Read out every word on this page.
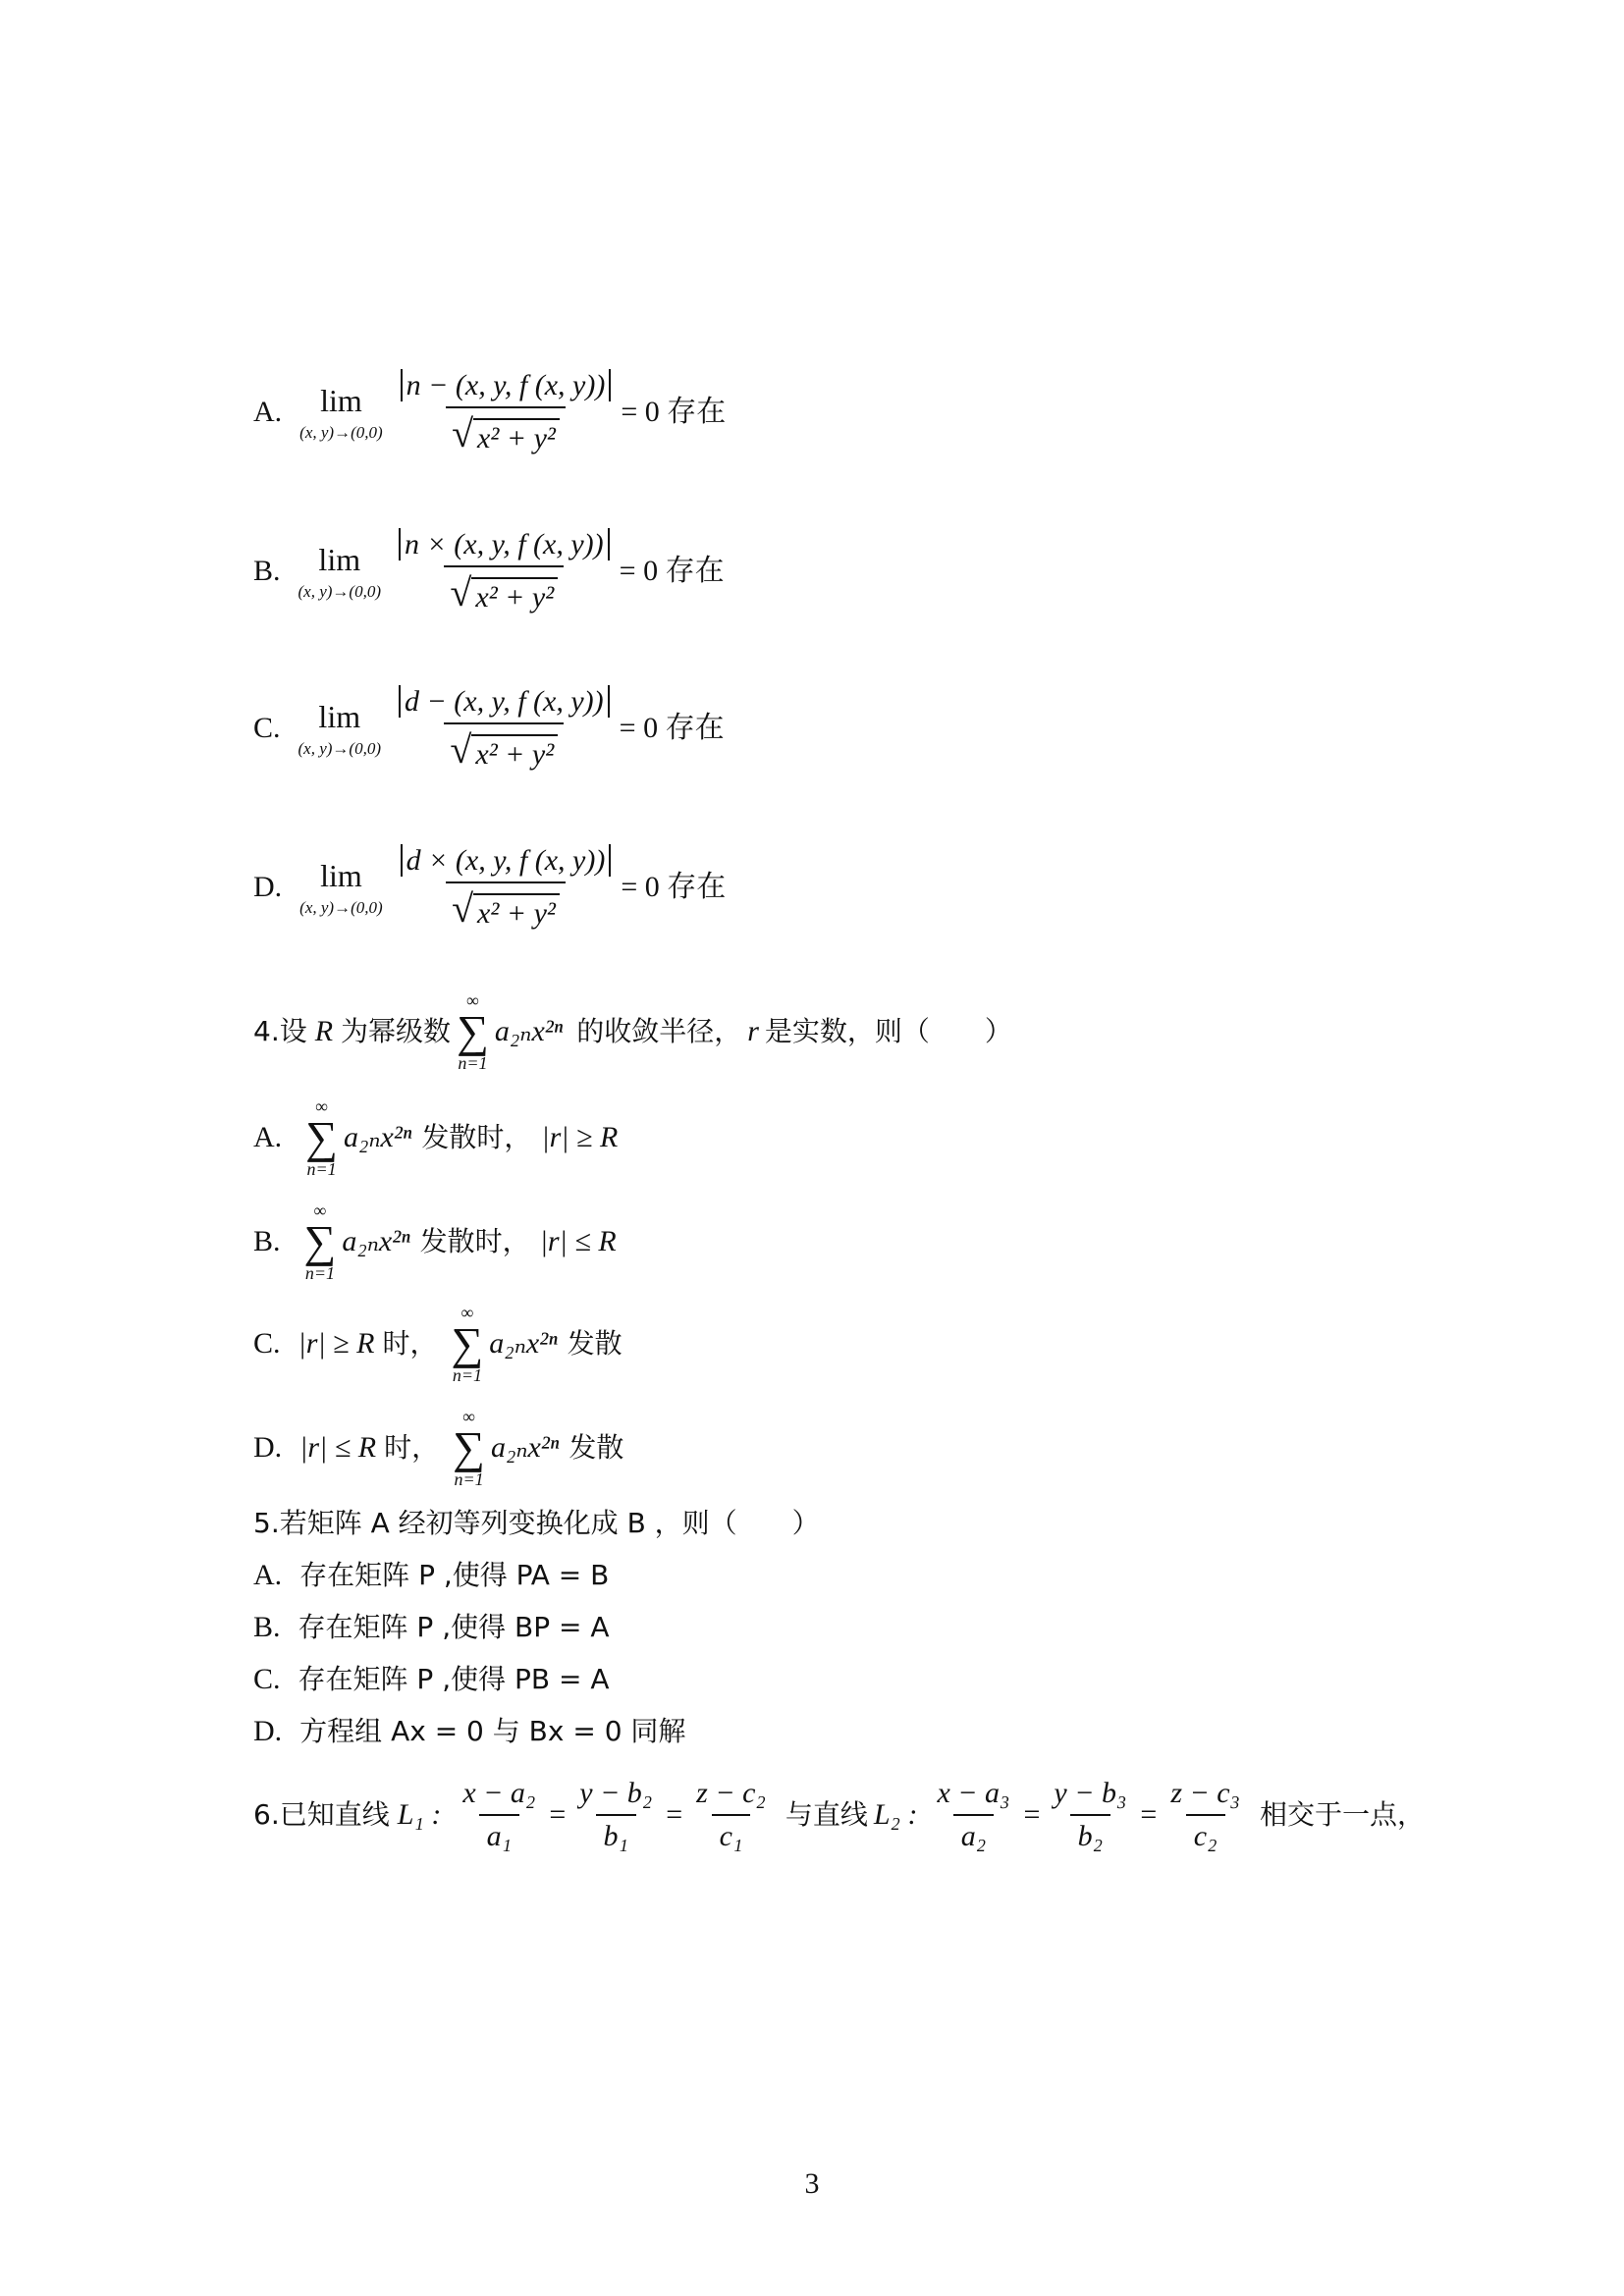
A. lim
(x, $y)\to(0,0) \frac{n - (x, y, f (x, y))}{\text{√ x² + y²}} = 0$ 存在
B. lim
(x, $y)\to(0,0) \frac{n \times (x, y, f (x, y))}{\text{√ x² + y²}} = 0$ 存在
C. lim
(x, $y)\to(0,0) \frac{d - (x, y, f (x, y))}{\text{√ x² + y²}} = 0$ 存在
D. lim
(x, $y)\to(0,0) \frac{d \times (x, y, f (x, y))}{\text{√ x² + y²}} = 0$ 存在
4.设 R 为幂级数
∞
∑
n=1
a₂ₙx²ⁿ 的收敛半径， r 是实数，则（　　）
A.
∞
∑
n=1
a₂ₙx²ⁿ 发散时， |r| ≥ R
B.
∞
∑
n=1
a₂ₙx²ⁿ 发散时， |r| ≤ R
C. |r| ≥ R 时，
∞
∑
n=1
a₂ₙx²ⁿ 发散
D. |r| ≤ R 时，
∞
∑
n=1
a₂ₙx²ⁿ 发散
5.若矩阵 A 经初等列变换化成 B ，则（　　）
A. 存在矩阵 P ,使得 PA = B
B. 存在矩阵 P ,使得 BP = A
C. 存在矩阵 P ,使得 PB = A
D. 方程组 Ax = 0 与 Bx = 0 同解
6.已知直线 L₁ : $\frac{\text{x − a₂}}{\text{a₁}} = \frac{\text{y − b₂}}{\text{b₁}} = \frac{\text{z − c₂}}{\text{c₁}}$ 与直线 L₂ : $\frac{\text{x − a₃}}{\text{a₂}} = \frac{\text{y − b₃}}{\text{b₂}} = \frac{\text{z − c₃}}{\text{c₂}}$ 相交于一点，
3
